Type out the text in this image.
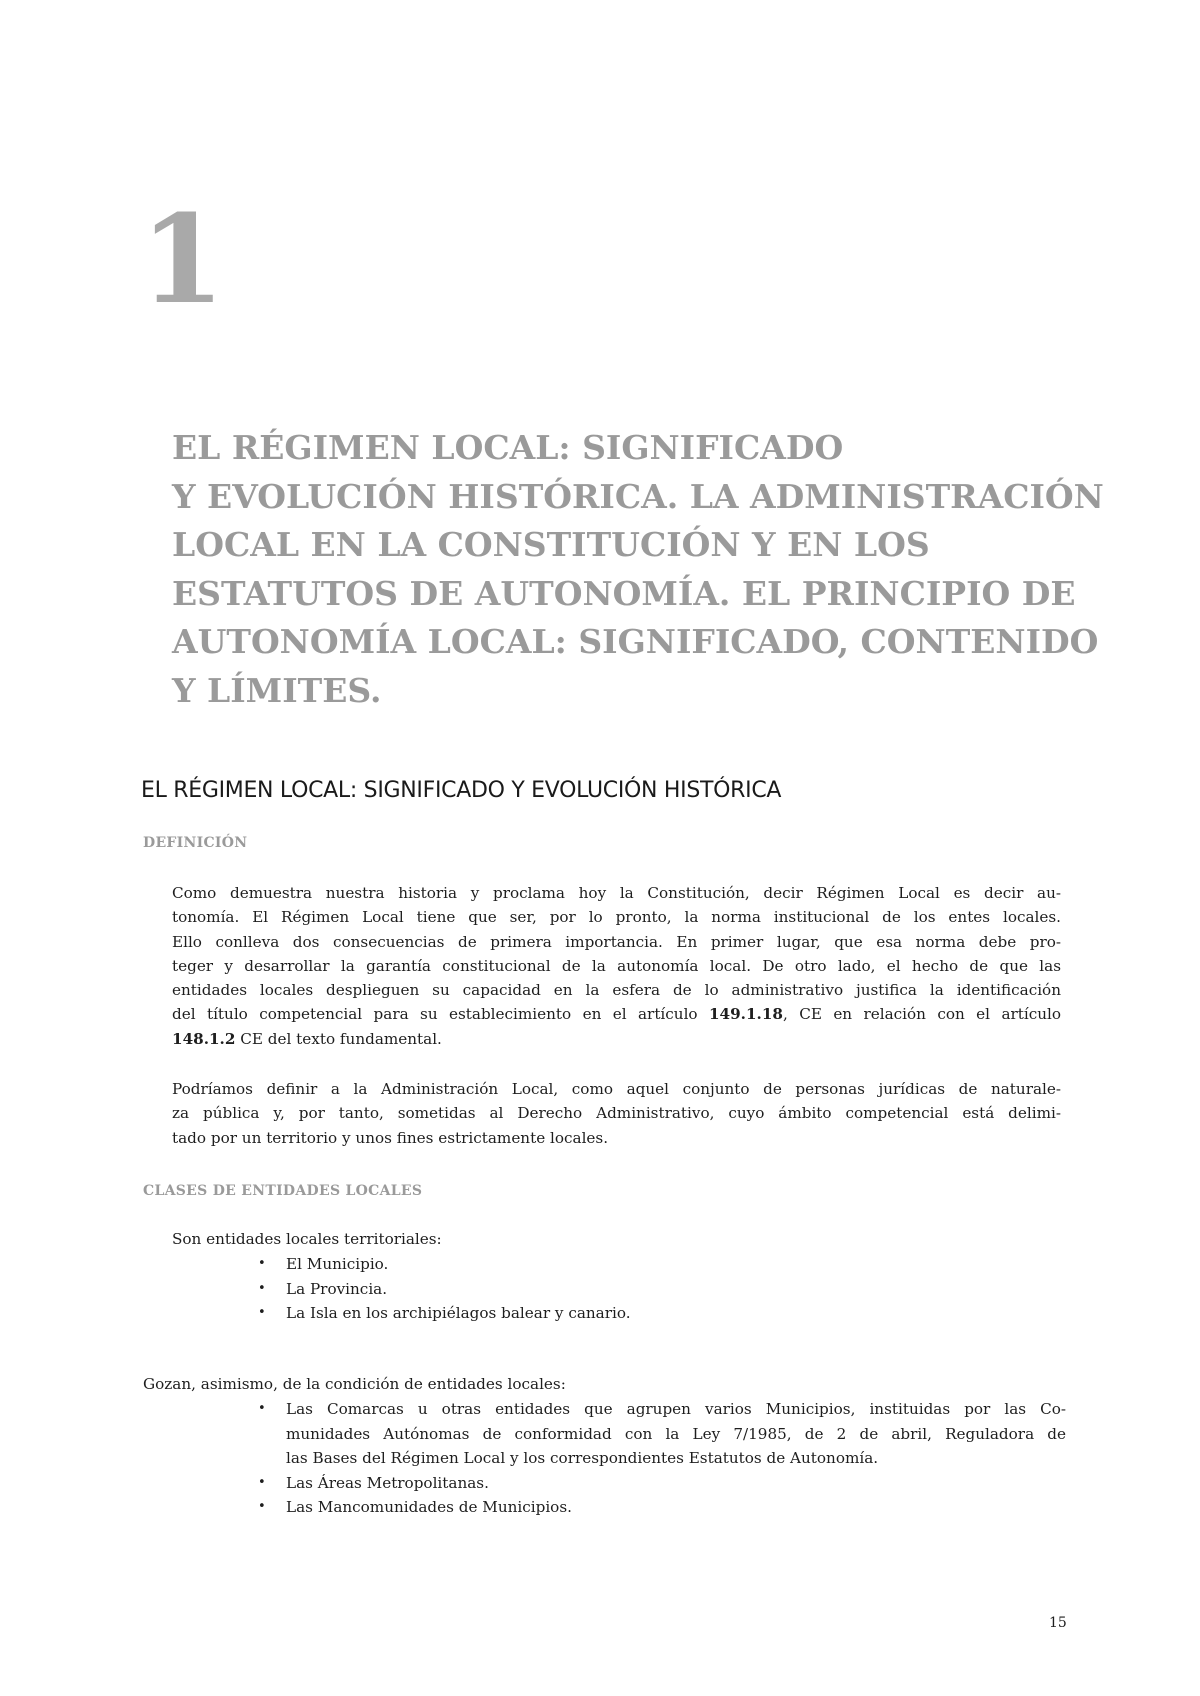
1
EL RÉGIMEN LOCAL: SIGNIFICADO
Y EVOLUCIÓN HISTÓRICA. LA ADMINISTRACIÓN
LOCAL EN LA CONSTITUCIÓN Y EN LOS
ESTATUTOS DE AUTONOMÍA. EL PRINCIPIO DE
AUTONOMÍA LOCAL: SIGNIFICADO, CONTENIDO
Y LÍMITES.
EL RÉGIMEN LOCAL: SIGNIFICADO Y EVOLUCIÓN HISTÓRICA
DEFINICIÓN
Como demuestra nuestra historia y proclama hoy la Constitución, decir Régimen Local es decir au-
tonomía. El Régimen Local tiene que ser, por lo pronto, la norma institucional de los entes locales.
Ello conlleva dos consecuencias de primera importancia. En primer lugar, que esa norma debe pro-
teger y desarrollar la garantía constitucional de la autonomía local. De otro lado, el hecho de que las
entidades locales desplieguen su capacidad en la esfera de lo administrativo justifica la identificación
del título competencial para su establecimiento en el artículo 149.1.18, CE en relación con el artículo
148.1.2 CE del texto fundamental.
Podríamos definir a la Administración Local, como aquel conjunto de personas jurídicas de naturale-
za pública y, por tanto, sometidas al Derecho Administrativo, cuyo ámbito competencial está delimi-
tado por un territorio y unos fines estrictamente locales.
CLASES DE ENTIDADES LOCALES
Son entidades locales territoriales:
• El Municipio.
• La Provincia.
• La Isla en los archipiélagos balear y canario.
Gozan, asimismo, de la condición de entidades locales:
• Las Comarcas u otras entidades que agrupen varios Municipios, instituidas por las Co-
munidades Autónomas de conformidad con la Ley 7/1985, de 2 de abril, Reguladora de
las Bases del Régimen Local y los correspondientes Estatutos de Autonomía.
• Las Áreas Metropolitanas.
• Las Mancomunidades de Municipios.
15
